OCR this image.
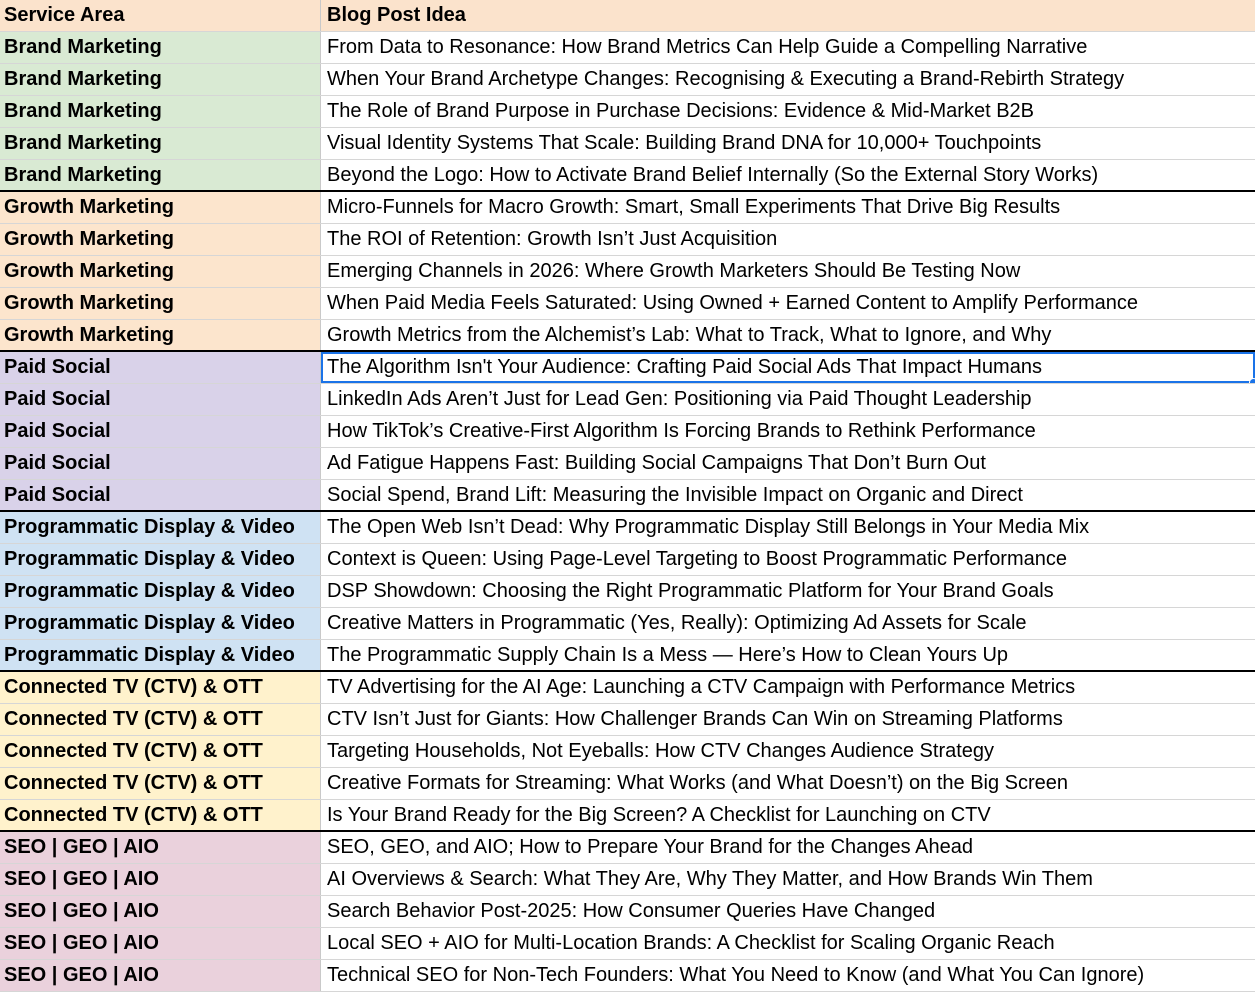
Service Area	Blog Post Idea
Brand Marketing	From Data to Resonance: How Brand Metrics Can Help Guide a Compelling Narrative
Brand Marketing	When Your Brand Archetype Changes: Recognising & Executing a Brand-Rebirth Strategy
Brand Marketing	The Role of Brand Purpose in Purchase Decisions: Evidence & Mid-Market B2B
Brand Marketing	Visual Identity Systems That Scale: Building Brand DNA for 10,000+ Touchpoints
Brand Marketing	Beyond the Logo: How to Activate Brand Belief Internally (So the External Story Works)
Growth Marketing	Micro-Funnels for Macro Growth: Smart, Small Experiments That Drive Big Results
Growth Marketing	The ROI of Retention: Growth Isn’t Just Acquisition
Growth Marketing	Emerging Channels in 2026: Where Growth Marketers Should Be Testing Now
Growth Marketing	When Paid Media Feels Saturated: Using Owned + Earned Content to Amplify Performance
Growth Marketing	Growth Metrics from the Alchemist’s Lab: What to Track, What to Ignore, and Why
Paid Social	The Algorithm Isn't Your Audience: Crafting Paid Social Ads That Impact Humans
Paid Social	LinkedIn Ads Aren’t Just for Lead Gen: Positioning via Paid Thought Leadership
Paid Social	How TikTok’s Creative-First Algorithm Is Forcing Brands to Rethink Performance
Paid Social	Ad Fatigue Happens Fast: Building Social Campaigns That Don’t Burn Out
Paid Social	Social Spend, Brand Lift: Measuring the Invisible Impact on Organic and Direct
Programmatic Display & Video	The Open Web Isn’t Dead: Why Programmatic Display Still Belongs in Your Media Mix
Programmatic Display & Video	Context is Queen: Using Page-Level Targeting to Boost Programmatic Performance
Programmatic Display & Video	DSP Showdown: Choosing the Right Programmatic Platform for Your Brand Goals
Programmatic Display & Video	Creative Matters in Programmatic (Yes, Really): Optimizing Ad Assets for Scale
Programmatic Display & Video	The Programmatic Supply Chain Is a Mess — Here’s How to Clean Yours Up
Connected TV (CTV) & OTT	TV Advertising for the AI Age: Launching a CTV Campaign with Performance Metrics
Connected TV (CTV) & OTT	CTV Isn’t Just for Giants: How Challenger Brands Can Win on Streaming Platforms
Connected TV (CTV) & OTT	Targeting Households, Not Eyeballs: How CTV Changes Audience Strategy
Connected TV (CTV) & OTT	Creative Formats for Streaming: What Works (and What Doesn’t) on the Big Screen
Connected TV (CTV) & OTT	Is Your Brand Ready for the Big Screen? A Checklist for Launching on CTV
SEO | GEO | AIO	SEO, GEO, and AIO; How to Prepare Your Brand for the Changes Ahead
SEO | GEO | AIO	AI Overviews & Search: What They Are, Why They Matter, and How Brands Win Them
SEO | GEO | AIO	Search Behavior Post-2025: How Consumer Queries Have Changed
SEO | GEO | AIO	Local SEO + AIO for Multi-Location Brands: A Checklist for Scaling Organic Reach
SEO | GEO | AIO	Technical SEO for Non-Tech Founders: What You Need to Know (and What You Can Ignore)
